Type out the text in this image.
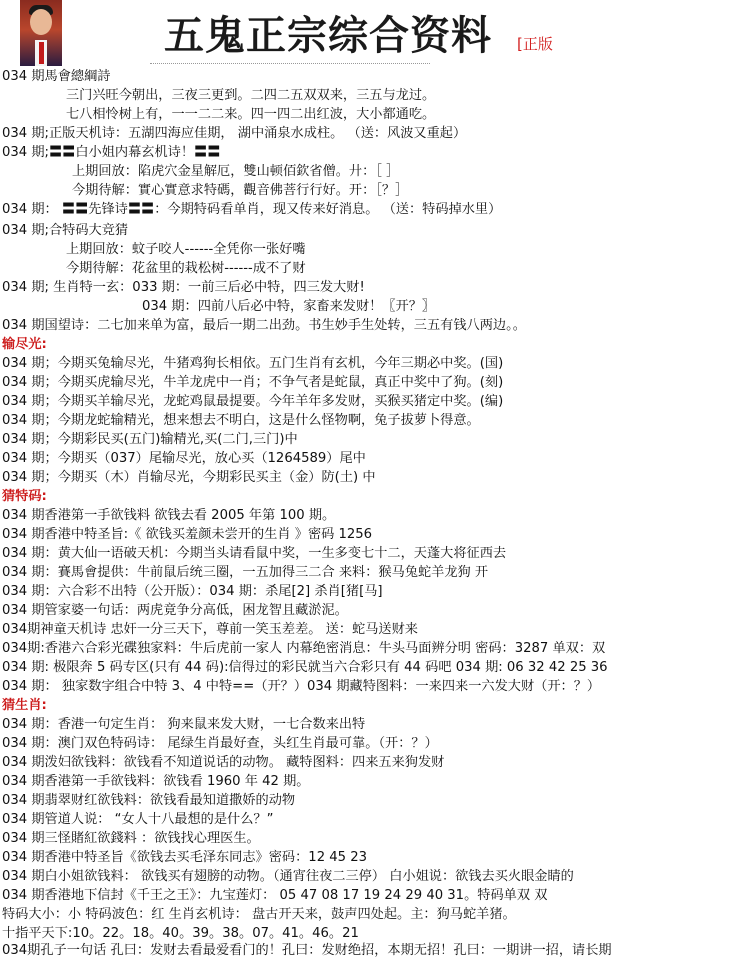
五鬼正宗综合资料 [正版
034 期馬會總綱詩
三门兴旺今朝出，三夜三更到。二四二五双双来，三五与龙过。
七八相怜树上有，一一二二来。四一四二出红波，大小都通吃。
034 期;正版天机诗：五湖四海应佳期， 湖中涌泉水成柱。 （送：风波又重起）
034 期;〓〓白小姐内幕玄机诗！〓〓
上期回放：陷虎穴金星解厄，雙山顿佰欽省僧。廾：［ ］
今期待解：實心實意求特碼，觀音佛菩行行好。开：［？］
034 期： 〓〓先锋诗〓〓：今期特码看单肖，现又传来好消息。 （送：特码掉水里）
034 期;合特码大竞猜
上期回放：蚊子咬人------全凭你一张好嘴
今期待解：花盆里的栽松树------成不了财
034 期; 生肖特一玄：033 期：一前三后必中特，四三发大财!
034 期：四前八后必中特，家畜来发财！〖开？〗
034 期国望诗：二七加来单为富，最后一期二出劲。书生妙手生处转，三五有钱八两边。。
输尽光:
034 期；今期买兔输尽光，牛猪鸡狗长相依。五门生肖有玄机，今年三期必中奖。(国)
034 期；今期买虎输尽光，牛羊龙虎中一肖；不争气者是蛇鼠，真正中奖中了狗。(刻)
034 期；今期买羊输尽光，龙蛇鸡鼠最提要。今年羊年多发财，买猴买猪定中奖。(编)
034 期；今期龙蛇输精光，想来想去不明白，这是什么怪物啊，兔子拔萝卜得意。
034 期；今期彩民买(五门)输精光,买(二门,三门)中
034 期；今期买（037）尾输尽光，放心买（1264589）尾中
034 期；今期买（木）肖输尽光，今期彩民买主（金）防(土) 中
猜特码:
034 期香港第一手欲钱料 欲钱去看 2005 年第 100 期。
034 期香港中特圣旨:《 欲钱买羞颜未尝开的生肖 》密码 1256
034 期：黄大仙一语破天机：今期当头请看鼠中奖，一生多变七十二，天蓬大将征西去
034 期：賽馬會提供：牛前鼠后统三圈，一五加得三二合 来料：猴马兔蛇羊龙狗 开
034 期：六合彩不出特（公开版）：034 期：杀尾[2] 杀肖[猪[马]
034 期管家婆一句话：两虎竟争分高低，困龙智且藏淤泥。
034期神童天机诗 忠奸一分三天下，尊前一笑玉差差。 送：蛇马送财来
034期:香港六合彩光碟独家料：牛后虎前一家人 内幕绝密消息：牛头马面辨分明 密码：3287 单双：双
034 期: 极限奔 5 码专区(只有 44 码):信得过的彩民就当六合彩只有 44 码吧 034 期: 06 32 42 25 36
034 期： 独家数字组合中特 3、4 中特==（开？）034 期藏特图料：一来四来一六发大财（开：？）
猜生肖:
034 期：香港一句定生肖： 狗来鼠来发大财，一七合数来出特
034 期：澳门双色特码诗： 尾绿生肖最好查，头红生肖最可靠。（开：？）
034 期泼妇欲钱料：欲钱看不知道说话的动物。 藏特图料：四来五来狗发财
034 期香港第一手欲钱料：欲钱看 1960 年 42 期。
034 期翡翠财红欲钱料：欲钱看最知道撒娇的动物
034 期管道人说： “女人十八最想的是什么？”
034 期三怪賭紅欲錢料 ：欲钱找心理医生。
034 期香港中特圣旨《欲钱去买毛泽东同志》密码：12 45 23
034 期白小姐欲钱料： 欲钱买有翅膀的动物。（通宵往夜二三停） 白小姐说：欲钱去买火眼金睛的
034 期香港地下信封《千王之王》：九宝莲灯： 05 47 08 17 19 24 29 40 31。特码单双 双
特码大小：小 特码波色：红 生肖玄机诗： 盘古开天来，鼓声四处起。主：狗马蛇羊猪。
十指平天下:10。22。18。40。39。38。07。41。46。21
034期孔子一句话 孔曰：发财去看最爱看门的！孔曰：发财绝招，本期无招！孔曰：一期讲一招，请长期
